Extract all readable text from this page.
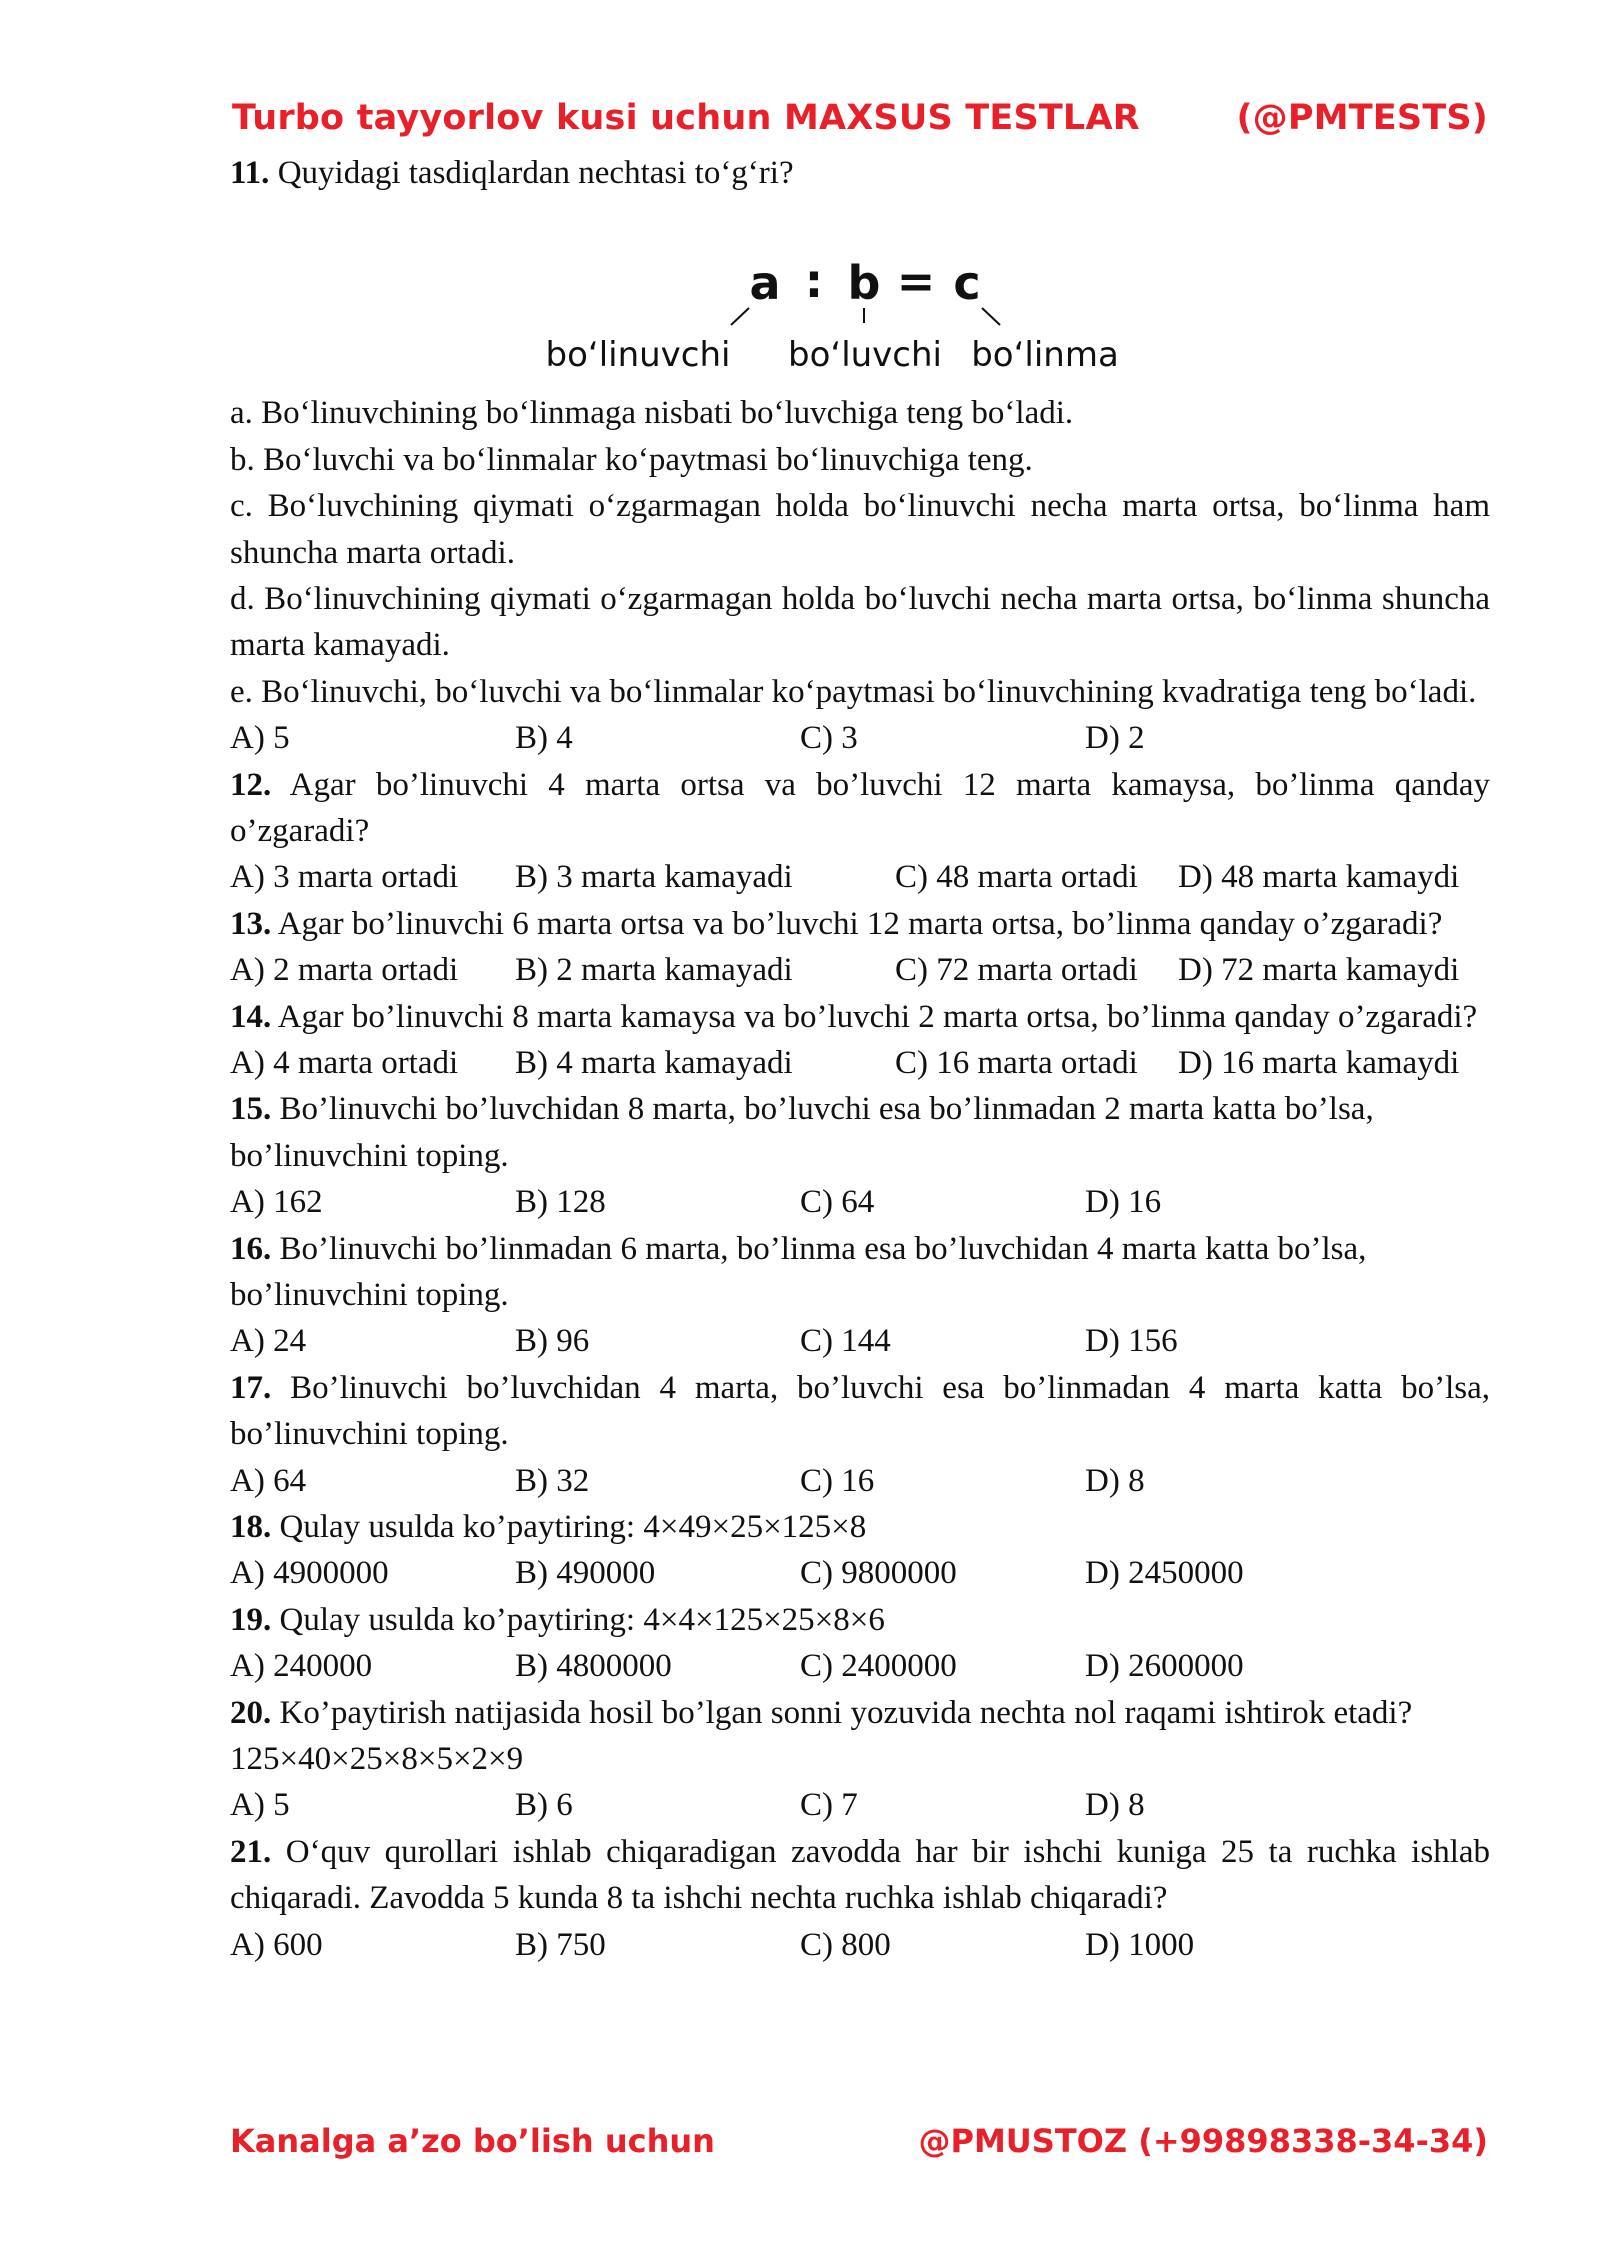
Turbo tayyorlov kusi uchun MAXSUS TESTLAR	(@PMTESTS)

11. Quyidagi tasdiqlardan nechtasi to‘g‘ri?

a : b = c
bo‘linuvchi bo‘luvchi bo‘linma

a. Bo‘linuvchining bo‘linmaga nisbati bo‘luvchiga teng bo‘ladi.

b. Bo‘luvchi va bo‘linmalar ko‘paytmasi bo‘linuvchiga teng.

c. Bo‘luvchining qiymati o‘zgarmagan holda bo‘linuvchi necha marta ortsa, bo‘linma ham shuncha marta ortadi.

d. Bo‘linuvchining qiymati o‘zgarmagan holda bo‘luvchi necha marta ortsa, bo‘linma shuncha marta kamayadi.

e. Bo‘linuvchi, bo‘luvchi va bo‘linmalar ko‘paytmasi bo‘linuvchining kvadratiga teng bo‘ladi.

A) 5	B) 4	C) 3	D) 2

12. Agar bo’linuvchi 4 marta ortsa va bo’luvchi 12 marta kamaysa, bo’linma qanday o’zgaradi?

A) 3 marta ortadi B) 3 marta kamayadi	C) 48 marta ortadi D) 48 marta kamaydi

13. Agar bo’linuvchi 6 marta ortsa va bo’luvchi 12 marta ortsa, bo’linma qanday o’zgaradi?

A) 2 marta ortadi B) 2 marta kamayadi	C) 72 marta ortadi D) 72 marta kamaydi

14. Agar bo’linuvchi 8 marta kamaysa va bo’luvchi 2 marta ortsa, bo’linma qanday o’zgaradi?

A) 4 marta ortadi B) 4 marta kamayadi	C) 16 marta ortadi D) 16 marta kamaydi

15. Bo’linuvchi bo’luvchidan 8 marta, bo’luvchi esa bo’linmadan 2 marta katta bo’lsa, bo’linuvchini toping.

A) 162	B) 128	C) 64	D) 16

16. Bo’linuvchi bo’linmadan 6 marta, bo’linma esa bo’luvchidan 4 marta katta bo’lsa, bo’linuvchini toping.

A) 24	B) 96	C) 144	D) 156

17. Bo’linuvchi bo’luvchidan 4 marta, bo’luvchi esa bo’linmadan 4 marta katta bo’lsa, bo’linuvchini toping.

A) 64	B) 32	C) 16	D) 8

18. Qulay usulda ko’paytiring: 4×49×25×125×8

A) 4900000	B) 490000	C) 9800000	D) 2450000

19. Qulay usulda ko’paytiring: 4×4×125×25×8×6

A) 240000	B) 4800000	C) 2400000	D) 2600000

20. Ko’paytirish natijasida hosil bo’lgan sonni yozuvida nechta nol raqami ishtirok etadi?

125×40×25×8×5×2×9

A) 5	B) 6	C) 7	D) 8

21. O‘quv qurollari ishlab chiqaradigan zavodda har bir ishchi kuniga 25 ta ruchka ishlab chiqaradi. Zavodda 5 kunda 8 ta ishchi nechta ruchka ishlab chiqaradi?

A) 600	B) 750	C) 800	D) 1000
Kanalga a’zo bo’lish uchun	@PMUSTOZ (+99898338-34-34)
